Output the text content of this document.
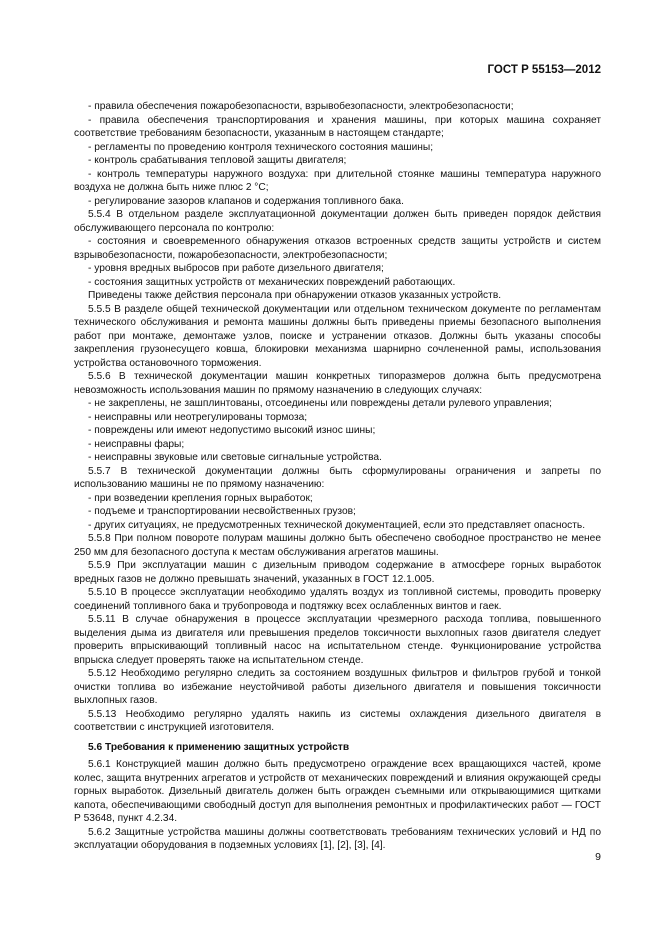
ГОСТ Р 55153—2012

- правила обеспечения пожаробезопасности, взрывобезопасности, электробезопасности;

- правила обеспечения транспортирования и хранения машины, при которых машина сохраняет соответствие требованиям безопасности, указанным в настоящем стандарте;

- регламенты по проведению контроля технического состояния машины;

- контроль срабатывания тепловой защиты двигателя;

- контроль температуры наружного воздуха: при длительной стоянке машины температура наружного воздуха не должна быть ниже плюс 2 °С;

- регулирование зазоров клапанов и содержания топливного бака.

5.5.4 В отдельном разделе эксплуатационной документации должен быть приведен порядок действия обслуживающего персонала по контролю:

- состояния и своевременного обнаружения отказов встроенных средств защиты устройств и систем взрывобезопасности, пожаробезопасности, электробезопасности;

- уровня вредных выбросов при работе дизельного двигателя;

- состояния защитных устройств от механических повреждений работающих.

Приведены также действия персонала при обнаружении отказов указанных устройств.

5.5.5 В разделе общей технической документации или отдельном техническом документе по регламентам технического обслуживания и ремонта машины должны быть приведены приемы безопасного выполнения работ при монтаже, демонтаже узлов, поиске и устранении отказов. Должны быть указаны способы закрепления грузонесущего ковша, блокировки механизма шарнирно сочлененной рамы, использования устройства остановочного торможения.

5.5.6 В технической документации машин конкретных типоразмеров должна быть предусмотрена невозможность использования машин по прямому назначению в следующих случаях:

- не закреплены, не зашплинтованы, отсоединены или повреждены детали рулевого управления;

- неисправны или неотрегулированы тормоза;

- повреждены или имеют недопустимо высокий износ шины;

- неисправны фары;

- неисправны звуковые или световые сигнальные устройства.

5.5.7 В технической документации должны быть сформулированы ограничения и запреты по использованию машины не по прямому назначению:

- при возведении крепления горных выработок;

- подъеме и транспортировании несвойственных грузов;

- других ситуациях, не предусмотренных технической документацией, если это представляет опасность.

5.5.8 При полном повороте полурам машины должно быть обеспечено свободное пространство не менее 250 мм для безопасного доступа к местам обслуживания агрегатов машины.

5.5.9 При эксплуатации машин с дизельным приводом содержание в атмосфере горных выработок вредных газов не должно превышать значений, указанных в ГОСТ 12.1.005.

5.5.10 В процессе эксплуатации необходимо удалять воздух из топливной системы, проводить проверку соединений топливного бака и трубопровода и подтяжку всех ослабленных винтов и гаек.

5.5.11 В случае обнаружения в процессе эксплуатации чрезмерного расхода топлива, повышенного выделения дыма из двигателя или превышения пределов токсичности выхлопных газов двигателя следует проверить впрыскивающий топливный насос на испытательном стенде. Функционирование устройства впрыска следует проверять также на испытательном стенде.

5.5.12 Необходимо регулярно следить за состоянием воздушных фильтров и фильтров грубой и тонкой очистки топлива во избежание неустойчивой работы дизельного двигателя и повышения токсичности выхлопных газов.

5.5.13 Необходимо регулярно удалять накипь из системы охлаждения дизельного двигателя в соответствии с инструкцией изготовителя.

5.6 Требования к применению защитных устройств

5.6.1 Конструкцией машин должно быть предусмотрено ограждение всех вращающихся частей, кроме колес, защита внутренних агрегатов и устройств от механических повреждений и влияния окружающей среды горных выработок. Дизельный двигатель должен быть огражден съемными или открывающимися щитками капота, обеспечивающими свободный доступ для выполнения ремонтных и профилактических работ — ГОСТ Р 53648, пункт 4.2.34.

5.6.2 Защитные устройства машины должны соответствовать требованиям технических условий и НД по эксплуатации оборудования в подземных условиях [1], [2], [3], [4].

9
